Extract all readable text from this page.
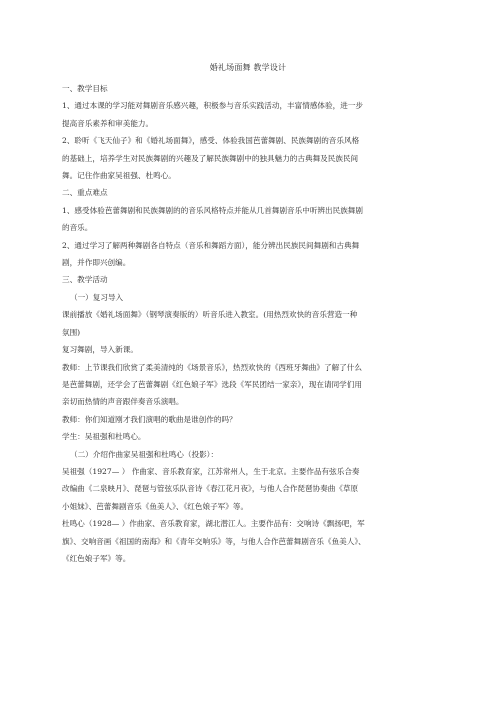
婚礼场面舞 教学设计

一、教学目标

1、通过本课的学习能对舞剧音乐感兴趣，积极参与音乐实践活动，丰富情感体验，进一步

提高音乐素养和审美能力。

2、聆听《飞天仙子》和《婚礼场面舞》，感受、体验我国芭蕾舞剧、民族舞剧的音乐风格

的基础上，培养学生对民族舞剧的兴趣及了解民族舞剧中的独具魅力的古典舞及民族民间

舞。记住作曲家吴祖强、杜鸣心。

二、重点难点

1、感受体验芭蕾舞剧和民族舞剧的的音乐风格特点并能从几首舞剧音乐中听辨出民族舞剧

的音乐。

2、通过学习了解两种舞剧各自特点（音乐和舞蹈方面），能分辨出民族民间舞剧和古典舞

剧，并作即兴创编。

三、教学活动

（一）复习导入

课前播放《婚礼场面舞》（钢琴演奏版的）听音乐进入教室。(用热烈欢快的音乐营造一种

氛围)

复习舞剧，导入新课。

教师：上节课我们欣赏了柔美清纯的《场景音乐》，热烈欢快的《西班牙舞曲》了解了什么

是芭蕾舞剧，还学会了芭蕾舞剧《红色娘子军》选段《军民团结一家亲》，现在请同学们用

亲切而热情的声音跟伴奏音乐演唱。

教师：你们知道刚才我们演唱的歌曲是谁创作的吗？

学生：吴祖强和杜鸣心。

（二）介绍作曲家吴祖强和杜鸣心（投影）：

吴祖强（1927— ） 作曲家、音乐教育家，江苏常州人，生于北京。主要作品有弦乐合奏

改编曲《二泉映月》、琵琶与管弦乐队音诗《春江花月夜》，与他人合作琵琶协奏曲《草原

小姐妹》、芭蕾舞剧音乐《鱼美人》、《红色娘子军》等。

杜鸣心（1928— ）作曲家、音乐教育家，湖北潜江人。主要作品有：交响诗《飘扬吧，军

旗》、交响音画《祖国的南海》和《青年交响乐》等，与他人合作芭蕾舞剧音乐《鱼美人》、

《红色娘子军》等。
